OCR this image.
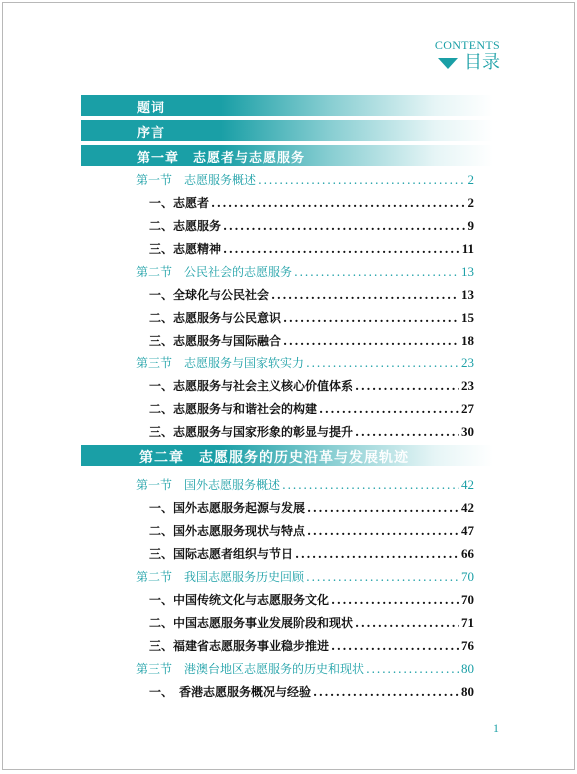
CONTENTS
目录
题词
序言
第一章　志愿者与志愿服务
第一节　志愿服务概述 .....	2
一、志愿者 .....	2
二、志愿服务 .....	9
三、志愿精神 .....	11
第二节　公民社会的志愿服务 .....	13
一、全球化与公民社会 .....	13
二、志愿服务与公民意识 .....	15
三、志愿服务与国际融合 .....	18
第三节　志愿服务与国家软实力 .....	23
一、志愿服务与社会主义核心价值体系 .....	23
二、志愿服务与和谐社会的构建 .....	27
三、志愿服务与国家形象的彰显与提升 .....	30
第二章　志愿服务的历史沿革与发展轨迹
第一节　国外志愿服务概述 .....	42
一、国外志愿服务起源与发展 .....	42
二、国外志愿服务现状与特点 .....	47
三、国际志愿者组织与节日 .....	66
第二节　我国志愿服务历史回顾 .....	70
一、中国传统文化与志愿服务文化 .....	70
二、中国志愿服务事业发展阶段和现状 .....	71
三、福建省志愿服务事业稳步推进 .....	76
第三节　港澳台地区志愿服务的历史和现状 .....	80
一、　香港志愿服务概况与经验 .....	80
1
